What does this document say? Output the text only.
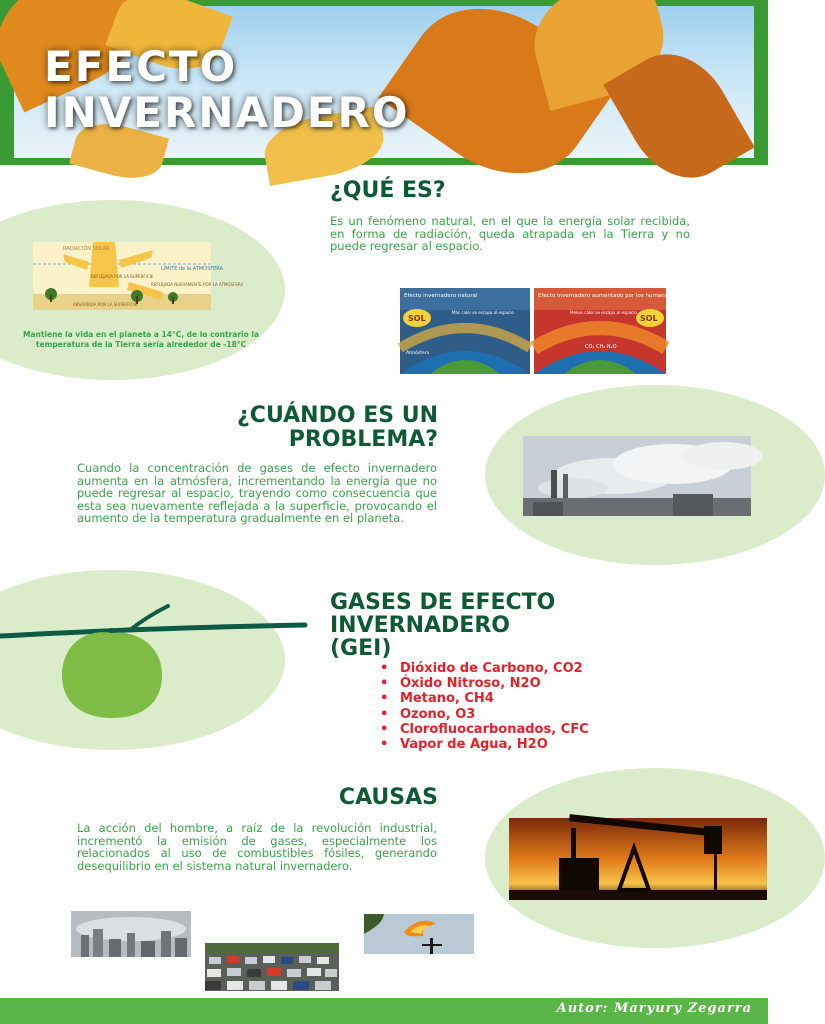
EFECTO
INVERNADERO
RADIACIÓN SOLAR
LÍMITE de la ATMÓSFERA
REFLEJADA POR LA SUPERFICIE
REFLEJADA NUEVAMENTE POR LA ATMÓSFERA
ABSORBIDA POR LA SUPERFICIE

Mantiene la vida en el planeta a 14°C, de lo contrario la temperatura de la Tierra sería alrededor de -18°C

¿QUÉ ES?

Es un fenómeno natural, en el que la energía solar recibida, en forma de radiación, queda atrapada en la Tierra y no puede regresar al espacio.

SOL	SOL
Efecto invernadero natural	Efecto invernadero aumentado por los humanos
Más calor se escapa al espacio	Menos calor se escapa al espacio
Atmósfera
CO₂ CH₄ N₂O
¿CUÁNDO ES UN
PROBLEMA?

Cuando la concentración de gases de efecto invernadero aumenta en la atmósfera, incrementando la energía que no puede regresar al espacio, trayendo como consecuencia que esta sea nuevamente reflejada a la superficie, provocando el aumento de la temperatura gradualmente en el planeta.

GASES DE EFECTO
INVERNADERO
(GEI)
• Dióxido de Carbono, CO2
• Óxido Nitroso, N2O
• Metano, CH4
• Ozono, O3
• Clorofluocarbonados, CFC
• Vapor de Agua, H2O
CAUSAS

La acción del hombre, a raíz de la revolución industrial, incrementó la emisión de gases, especialmente los relacionados al uso de combustibles fósiles, generando desequilibrio en el sistema natural invernadero.

Autor: Maryury Zegarra
